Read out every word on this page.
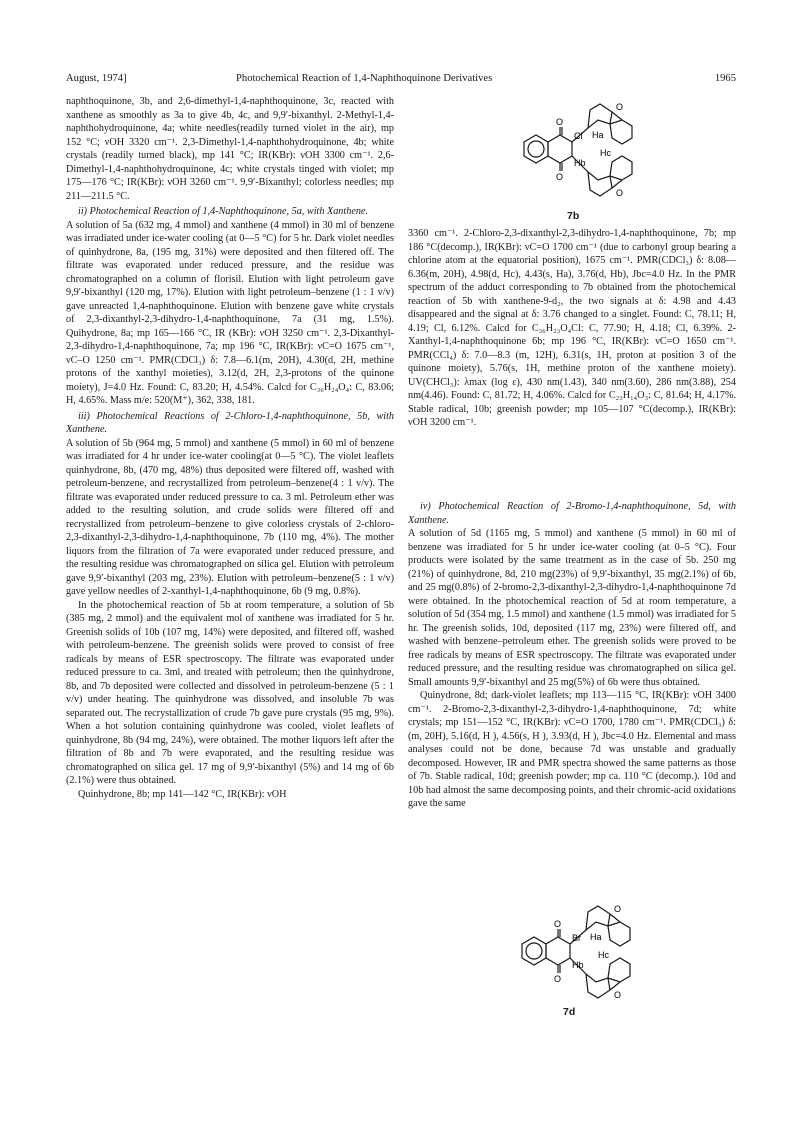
August, 1974]	Photochemical Reaction of 1,4-Naphthoquinone Derivatives	1965

naphthoquinone, 3b, and 2,6-dimethyl-1,4-naphthoquinone, 3c, reacted with xanthene as smoothly as 3a to give 4b, 4c, and 9,9′-bixanthyl. 2-Methyl-1,4-naphthohydroquinone, 4a; white needles(readily turned violet in the air), mp 152 °C; νOH 3320 cm⁻¹. 2,3-Dimethyl-1,4-naphthohydroquinone, 4b; white crystals (readily turned black), mp 141 °C; IR(KBr): νOH 3300 cm⁻¹. 2,6-Dimethyl-1,4-naphthohydroquinone, 4c; white crystals tinged with violet; mp 175—176 °C; IR(KBr): νOH 3260 cm⁻¹. 9,9′-Bixanthyl; colorless needles; mp 211—211.5 °C.

ii) Photochemical Reaction of 1,4-Naphthoquinone, 5a, with Xanthene.

A solution of 5a (632 mg, 4 mmol) and xanthene (4 mmol) in 30 ml of benzene was irradiated under ice-water cooling (at 0—5 °C) for 5 hr. Dark violet needles of quinhydrone, 8a, (195 mg, 31%) were deposited and then filtered off. The filtrate was evaporated under reduced pressure, and the residue was chromatographed on a column of florisil. Elution with light petroleum gave 9,9′-bixanthyl (120 mg, 17%). Elution with light petroleum–benzene (1 : 1 v/v) gave unreacted 1,4-naphthoquinone. Elution with benzene gave white crystals of 2,3-dixanthyl-2,3-dihydro-1,4-naphthoquinone, 7a (31 mg, 1.5%). Quihydrone, 8a; mp 165—166 °C, IR (KBr): νOH 3250 cm⁻¹. 2,3-Dixanthyl-2,3-dihydro-1,4-naphthoquinone, 7a; mp 196 °C, IR(KBr): νC=O 1675 cm⁻¹, νC–O 1250 cm⁻¹. PMR(CDCl₃) δ: 7.8—6.1(m, 20H), 4.30(d, 2H, methine protons of the xanthyl moieties), 3.12(d, 2H, 2,3-protons of the quinone moiety), J=4.0 Hz. Found: C, 83.20; H, 4.54%. Calcd for C₃₆H₂₄O₄: C, 83.06; H, 4.65%. Mass m/e: 520(M⁺), 362, 338, 181.

iii) Photochemical Reactions of 2-Chloro-1,4-naphthoquinone, 5b, with Xanthene.

A solution of 5b (964 mg, 5 mmol) and xanthene (5 mmol) in 60 ml of benzene was irradiated for 4 hr under ice-water cooling(at 0—5 °C). The violet leaflets quinhydrone, 8b, (470 mg, 48%) thus deposited were filtered off, washed with petroleum-benzene, and recrystallized from petroleum–benzene(4 : 1 v/v). The filtrate was evaporated under reduced pressure to ca. 3 ml. Petroleum ether was added to the resulting solution, and crude solids were filtered off and recrystallized from petroleum–benzene to give colorless crystals of 2-chloro-2,3-dixanthyl-2,3-dihydro-1,4-naphthoquinone, 7b (110 mg, 4%). The mother liquors from the filtration of 7a were evaporated under reduced pressure, and the resulting residue was chromatographed on silica gel. Elution with petroleum gave 9,9′-bixanthyl (203 mg, 23%). Elution with petroleum–benzene(5 : 1 v/v) gave yellow needles of 2-xanthyl-1,4-naphthoquinone, 6b (9 mg, 0.8%).

In the photochemical reaction of 5b at room temperature, a solution of 5b (385 mg, 2 mmol) and the equivalent mol of xanthene was irradiated for 5 hr. Greenish solids of 10b (107 mg, 14%) were deposited, and filtered off, washed with petroleum-benzene. The greenish solids were proved to consist of free radicals by means of ESR spectroscopy. The filtrate was evaporated under reduced pressure to ca. 3ml, and treated with petroleum; then the quinhydrone, 8b, and 7b deposited were collected and dissolved in petroleum-benzene (5 : 1 v/v) under heating. The quinhydrone was dissolved, and insoluble 7b was separated out. The recrystallization of crude 7b gave pure crystals (95 mg, 9%). When a hot solution containing quinhydrone was cooled, violet leaflets of quinhydrone, 8b (94 mg, 24%), were obtained. The mother liquors left after the filtration of 8b and 7b were evaporated, and the resulting residue was chromatographed on silica gel. 17 mg of 9,9′-bixanthyl (5%) and 14 mg of 6b (2.1%) were thus obtained.

Quinhydrone, 8b; mp 141—142 °C, IR(KBr): νOH

O
O
Cl Ha
Hc
Hb
O
O
7b

3360 cm⁻¹. 2-Chloro-2,3-dixanthyl-2,3-dihydro-1,4-naphthoquinone, 7b; mp 186 °C(decomp.), IR(KBr): νC=O 1700 cm⁻¹ (due to carbonyl group bearing a chlorine atom at the equatorial position), 1675 cm⁻¹. PMR(CDCl₃) δ: 8.08—6.36(m, 20H), 4.98(d, Hc), 4.43(s, Ha), 3.76(d, Hb), Jbc=4.0 Hz. In the PMR spectrum of the adduct corresponding to 7b obtained from the photochemical reaction of 5b with xanthene-9-d₂, the two signals at δ: 4.98 and 4.43 disappeared and the signal at δ: 3.76 changed to a singlet. Found: C, 78.11; H, 4.19; Cl, 6.12%. Calcd for C₃₆H₂₃O₄Cl: C, 77.90; H, 4.18; Cl, 6.39%. 2-Xanthyl-1,4-naphthoquinone 6b; mp 196 °C, IR(KBr): νC=O 1650 cm⁻¹. PMR(CCl₄) δ: 7.0—8.3 (m, 12H), 6.31(s, 1H, proton at position 3 of the quinone moiety), 5.76(s, 1H, methine proton of the xanthene moiety). UV(CHCl₃): λmax (log ε), 430 nm(1.43), 340 nm(3.60), 286 nm(3.88), 254 nm(4.46). Found: C, 81.72; H, 4.06%. Calcd for C₂₃H₁₄O₃: C, 81.64; H, 4.17%. Stable radical, 10b; greenish powder; mp 105—107 °C(decomp.), IR(KBr): νOH 3200 cm⁻¹.

iv) Photochemical Reaction of 2-Bromo-1,4-naphthoquinone, 5d, with Xanthene.

A solution of 5d (1165 mg, 5 mmol) and xanthene (5 mmol) in 60 ml of benzene was irradiated for 5 hr under ice-water cooling (at 0–5 °C). Four products were isolated by the same treatment as in the case of 5b. 250 mg (21%) of quinhydrone, 8d, 210 mg(23%) of 9,9′-bixanthyl, 35 mg(2.1%) of 6b, and 25 mg(0.8%) of 2-bromo-2,3-dixanthyl-2,3-dihydro-1,4-naphthoquinone 7d were obtained. In the photochemical reaction of 5d at room temperature, a solution of 5d (354 mg, 1.5 mmol) and xanthene (1.5 mmol) was irradiated for 5 hr. The greenish solids, 10d, deposited (117 mg, 23%) were filtered off, and washed with benzene–petroleum ether. The greenish solids were proved to be free radicals by means of ESR spectroscopy. The filtrate was evaporated under reduced pressure, and the resulting residue was chromatographed on silica gel. Small amounts 9,9′-bixanthyl and 25 mg(5%) of 6b were thus obtained.

Quinydrone, 8d; dark-violet leaflets; mp 113—115 °C, IR(KBr): νOH 3400 cm⁻¹. 2-Bromo-2,3-dixanthyl-2,3-dihydro-1,4-naphthoquinone, 7d; white crystals; mp 151—152 °C, IR(KBr): νC=O 1700, 1780 cm⁻¹. PMR(CDCl₃) δ: (m, 20H), 5.16(d, H ), 4.56(s, H ), 3.93(d, H ), Jbc=4.0 Hz. Elemental and mass analyses could not be done, because 7d was unstable and gradually decomposed. However, IR and PMR spectra showed the same patterns as those of 7b. Stable radical, 10d; greenish powder; mp ca. 110 °C (decomp.). 10d and 10b had almost the same decomposing points, and their chromic-acid oxidations gave the same

O
O
Br Ha
Hc
Hb
O
O
7d
